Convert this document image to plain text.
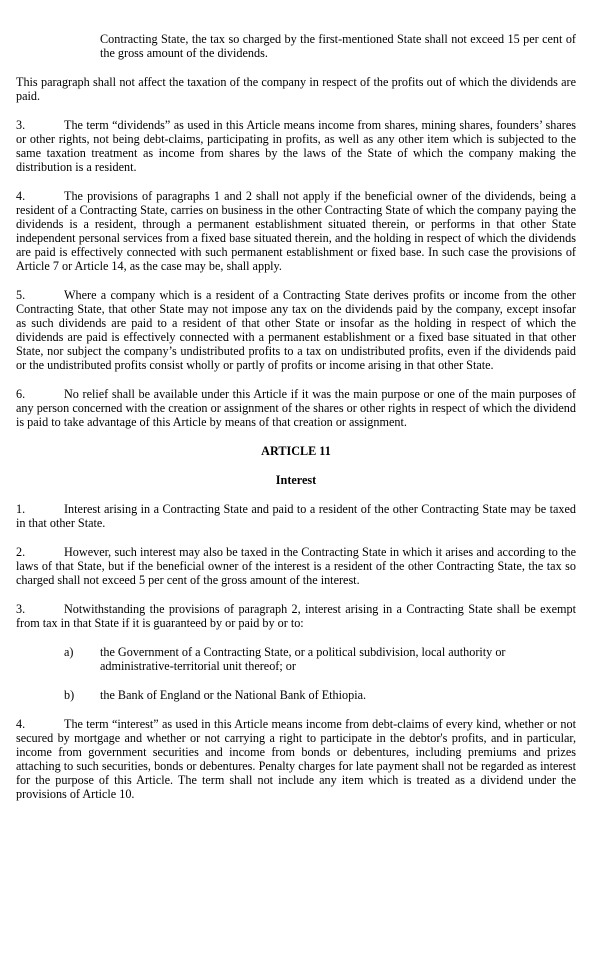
Contracting State, the tax so charged by the first-mentioned State shall not exceed 15 per cent of the gross amount of the dividends.

This paragraph shall not affect the taxation of the company in respect of the profits out of which the dividends are paid.

3.	The term “dividends” as used in this Article means income from shares, mining shares, founders’ shares or other rights, not being debt-claims, participating in profits, as well as any other item which is subjected to the same taxation treatment as income from shares by the laws of the State of which the company making the distribution is a resident.

4.	The provisions of paragraphs 1 and 2 shall not apply if the beneficial owner of the dividends, being a resident of a Contracting State, carries on business in the other Contracting State of which the company paying the dividends is a resident, through a permanent establishment situated therein, or performs in that other State independent personal services from a fixed base situated therein, and the holding in respect of which the dividends are paid is effectively connected with such permanent establishment or fixed base. In such case the provisions of Article 7 or Article 14, as the case may be, shall apply.

5.	Where a company which is a resident of a Contracting State derives profits or income from the other Contracting State, that other State may not impose any tax on the dividends paid by the company, except insofar as such dividends are paid to a resident of that other State or insofar as the holding in respect of which the dividends are paid is effectively connected with a permanent establishment or a fixed base situated in that other State, nor subject the company’s undistributed profits to a tax on undistributed profits, even if the dividends paid or the undistributed profits consist wholly or partly of profits or income arising in that other State.

6.	No relief shall be available under this Article if it was the main purpose or one of the main purposes of any person concerned with the creation or assignment of the shares or other rights in respect of which the dividend is paid to take advantage of this Article by means of that creation or assignment.

ARTICLE 11

Interest

1.	Interest arising in a Contracting State and paid to a resident of the other Contracting State may be taxed in that other State.

2.	However, such interest may also be taxed in the Contracting State in which it arises and according to the laws of that State, but if the beneficial owner of the interest is a resident of the other Contracting State, the tax so charged shall not exceed 5 per cent of the gross amount of the interest.

3.	Notwithstanding the provisions of paragraph 2, interest arising in a Contracting State shall be exempt from tax in that State if it is guaranteed by or paid by or to:

a)	the Government of a Contracting State, or a political subdivision, local authority or administrative-territorial unit thereof; or
b)	the Bank of England or the National Bank of Ethiopia.

4.	The term “interest” as used in this Article means income from debt-claims of every kind, whether or not secured by mortgage and whether or not carrying a right to participate in the debtor's profits, and in particular, income from government securities and income from bonds or debentures, including premiums and prizes attaching to such securities, bonds or debentures. Penalty charges for late payment shall not be regarded as interest for the purpose of this Article. The term shall not include any item which is treated as a dividend under the provisions of Article 10.
